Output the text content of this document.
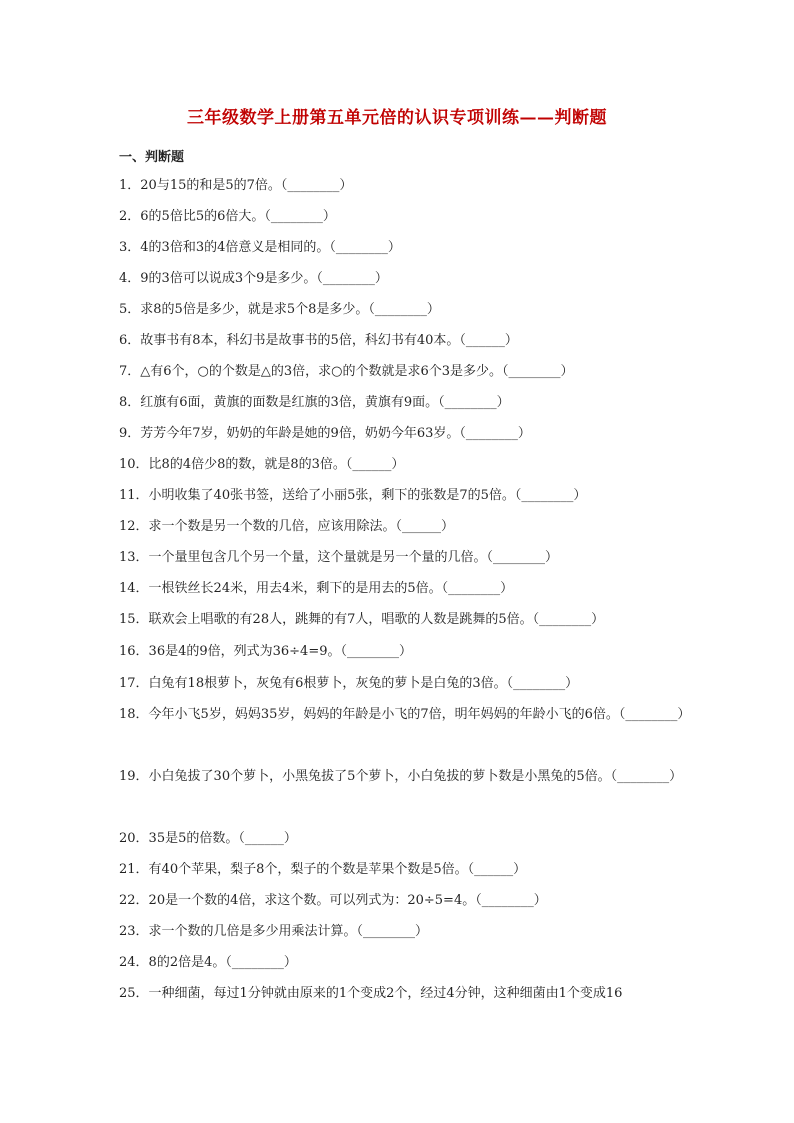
三年级数学上册第五单元倍的认识专项训练——判断题
一、判断题
1．20与15的和是5的7倍。（________）
2．6的5倍比5的6倍大。（________）
3．4的3倍和3的4倍意义是相同的。（________）
4．9的3倍可以说成3个9是多少。（________）
5．求8的5倍是多少，就是求5个8是多少。（________）
6．故事书有8本，科幻书是故事书的5倍，科幻书有40本。（______）
7．△有6个，○的个数是△的3倍，求○的个数就是求6个3是多少。（________）
8．红旗有6面，黄旗的面数是红旗的3倍，黄旗有9面。（________）
9．芳芳今年7岁，奶奶的年龄是她的9倍，奶奶今年63岁。（________）
10．比8的4倍少8的数，就是8的3倍。（______）
11．小明收集了40张书签，送给了小丽5张，剩下的张数是7的5倍。（________）
12．求一个数是另一个数的几倍，应该用除法。（______）
13．一个量里包含几个另一个量，这个量就是另一个量的几倍。（________）
14．一根铁丝长24米，用去4米，剩下的是用去的5倍。（________）
15．联欢会上唱歌的有28人，跳舞的有7人，唱歌的人数是跳舞的5倍。（________）
16．36是4的9倍，列式为36÷4=9。（________）
17．白兔有18根萝卜，灰兔有6根萝卜，灰兔的萝卜是白兔的3倍。（________）
18．今年小飞5岁，妈妈35岁，妈妈的年龄是小飞的7倍，明年妈妈的年龄小飞的6倍。（________）
19．小白兔拔了30个萝卜，小黑兔拔了5个萝卜，小白兔拔的萝卜数是小黑兔的5倍。（________）
20．35是5的倍数。（______）
21．有40个苹果，梨子8个，梨子的个数是苹果个数是5倍。（______）
22．20是一个数的4倍，求这个数。可以列式为：20÷5=4。（________）
23．求一个数的几倍是多少用乘法计算。（________）
24．8的2倍是4。（________）
25．一种细菌，每过1分钟就由原来的1个变成2个，经过4分钟，这种细菌由1个变成16
